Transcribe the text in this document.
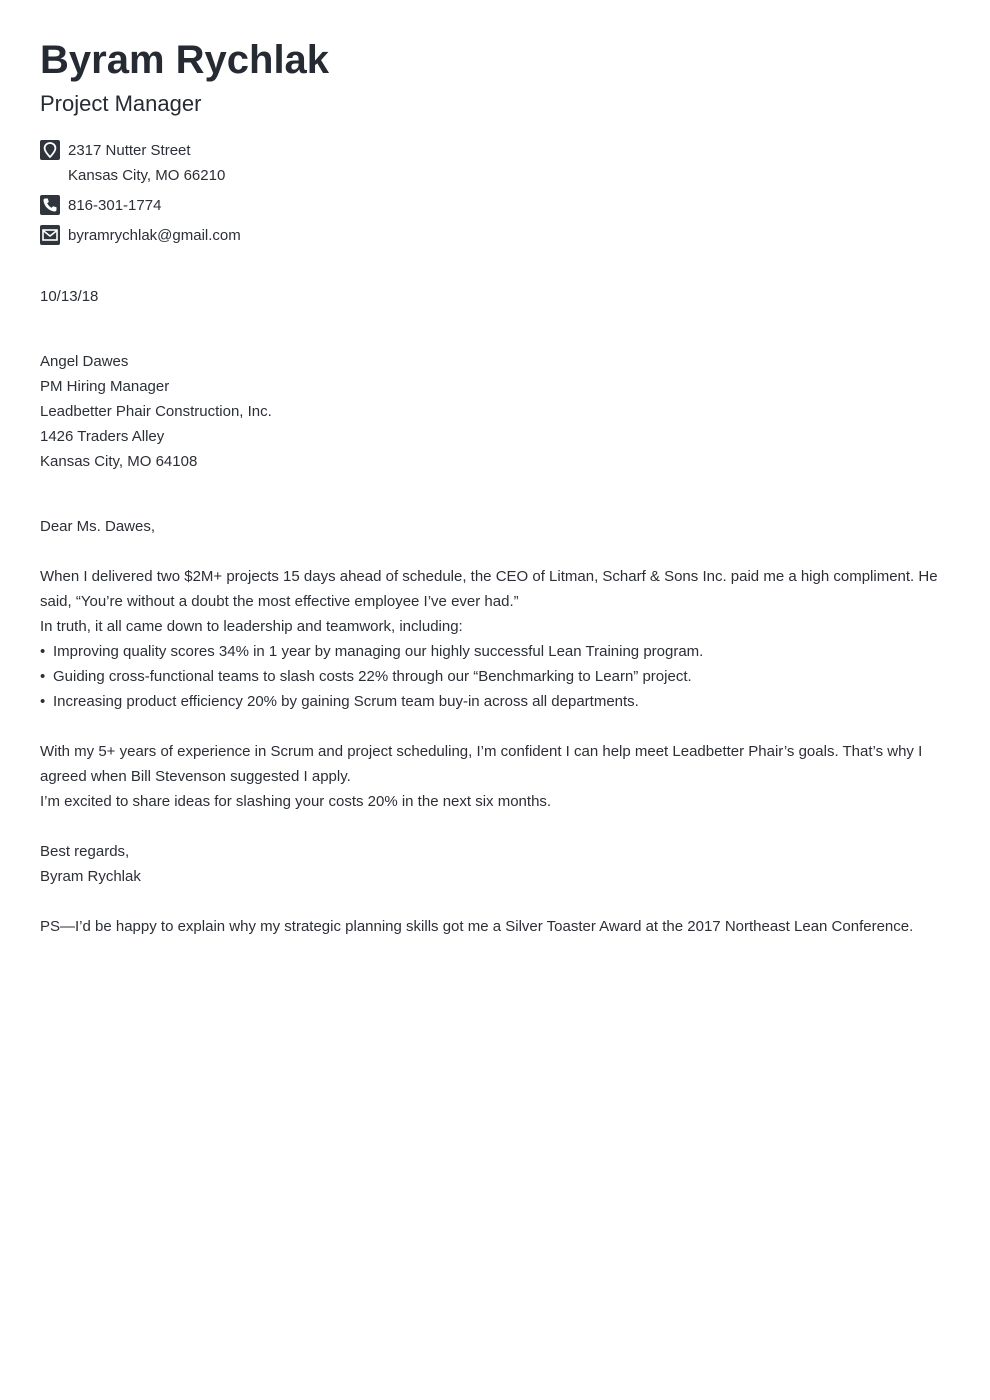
Byram Rychlak
Project Manager
2317 Nutter Street
Kansas City, MO 66210
816-301-1774
byramrychlak@gmail.com
10/13/18
Angel Dawes
PM Hiring Manager
Leadbetter Phair Construction, Inc.
1426 Traders Alley
Kansas City, MO 64108
Dear Ms. Dawes,
When I delivered two $2M+ projects 15 days ahead of schedule, the CEO of Litman, Scharf & Sons Inc. paid me a high compliment. He said, “You’re without a doubt the most effective employee I’ve ever had.”
In truth, it all came down to leadership and teamwork, including:
• Improving quality scores 34% in 1 year by managing our highly successful Lean Training program.
• Guiding cross-functional teams to slash costs 22% through our “Benchmarking to Learn” project.
• Increasing product efficiency 20% by gaining Scrum team buy-in across all departments.
With my 5+ years of experience in Scrum and project scheduling, I’m confident I can help meet Leadbetter Phair’s goals. That’s why I agreed when Bill Stevenson suggested I apply.
I’m excited to share ideas for slashing your costs 20% in the next six months.
Best regards,
Byram Rychlak
PS—I’d be happy to explain why my strategic planning skills got me a Silver Toaster Award at the 2017 Northeast Lean Conference.
